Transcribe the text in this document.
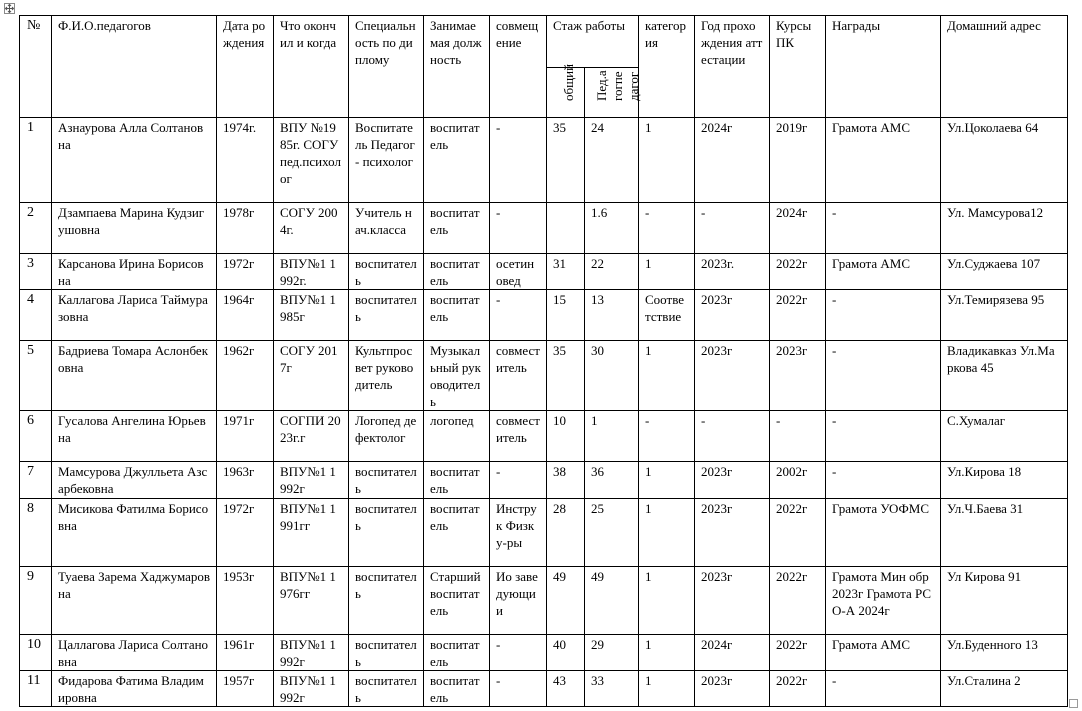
№	Ф.И.О.педагогов	Дата рождения	Что окончил и когда	Специальность по диплому	Занимаемая должность	совмещение	Стаж работы		категория	Год прохождения аттестации	Курсы ПК	Награды	Домашний адрес

							общий	Пед.а гогпе дагог					

1	Азнаурова Алла Солтановна	1974г.	ВПУ №1985г. СОГУ пед.психолог	Воспитатель Педагог - психолог	воспитатель	-	35	24	1	2024г	2019г	Грамота АМС	Ул.Цоколаева 64
2	Дзампаева Марина Кудзигушовна	1978г	СОГУ 2004г.	Учитель нач.класса	воспитатель	-		1.6	-	-	2024г	-	Ул. Мамсурова12
3	Карсанова Ирина Борисовна	1972г	ВПУ№1 1992г.	воспитатель	воспитатель	осетиновед	31	22	1	2023г.	2022г	Грамота АМС	Ул.Суджаева 107
4	Каллагова Лариса Таймуразовна	1964г	ВПУ№1 1985г	воспитатель	воспитатель	-	15	13	Соответствие	2023г	2022г	-	Ул.Темирязева 95
5	Бадриева Томара Аслонбековна	1962г	СОГУ 2017г	Культпросвет руководитель	Музыкальный руководитель	совместитель	35	30	1	2023г	2023г	-	Владикавказ Ул.Маркова 45
6	Гусалова Ангелина Юрьевна	1971г	СОГПИ 2023г.г	Логопед дефектолог	логопед	совместитель	10	1	-	-	-	-	С.Хумалаг
7	Мамсурова Джулльета Азсарбековна	1963г	ВПУ№1 1992г	воспитатель	воспитатель	-	38	36	1	2023г	2002г	-	Ул.Кирова 18
8	Мисикова Фатилма Борисовна	1972г	ВПУ№1 1991гг	воспитатель	воспитатель	Инструк Физку-ры	28	25	1	2023г	2022г	Грамота УОФМС	Ул.Ч.Баева 31
9	Туаева Зарема Хаджумаровна	1953г	ВПУ№1 1976гг	воспитатель	Старший воспитатель	Ио заведующии	49	49	1	2023г	2022г	Грамота Мин обр 2023г Грамота РСО-А 2024г	Ул Кирова 91
10	Цаллагова Лариса Солтановна	1961г	ВПУ№1 1992г	воспитатель	воспитатель	-	40	29	1	2024г	2022г	Грамота АМС	Ул.Буденного 13
11	Фидарова Фатима Владимировна	1957г	ВПУ№1 1992г	воспитатель	воспитатель	-	43	33	1	2023г	2022г	-	Ул.Сталина 2
